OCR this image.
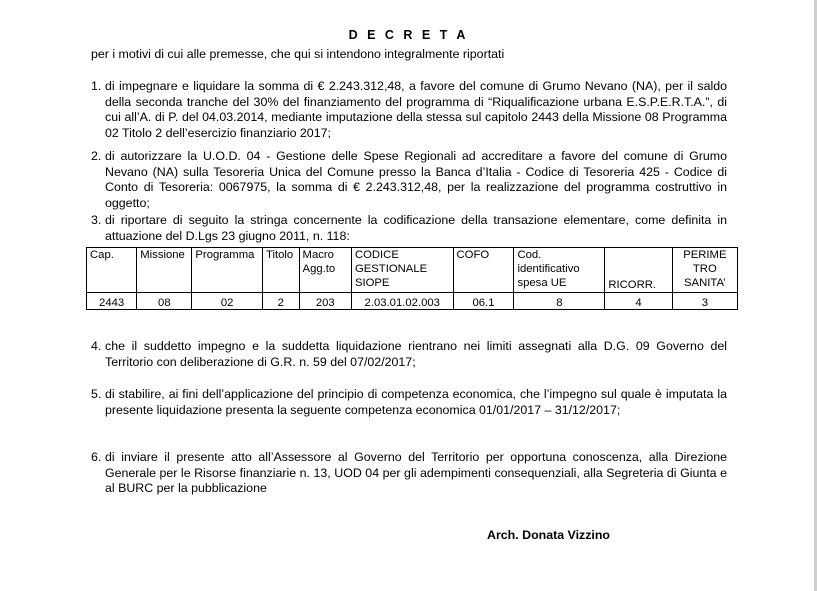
D E C R E T A
per i motivi di cui alle premesse, che qui si intendono integralmente riportati
1. di impegnare e liquidare la somma di € 2.243.312,48, a favore del comune di Grumo Nevano (NA), per il saldo della seconda tranche del 30% del finanziamento del programma di “Riqualificazione urbana E.S.P.E.R.T.A.”, di cui all’A. di P. del 04.03.2014, mediante imputazione della stessa sul capitolo 2443 della Missione 08 Programma 02 Titolo 2 dell’esercizio finanziario 2017;
2. di autorizzare la U.O.D. 04 - Gestione delle Spese Regionali ad accreditare a favore del comune di Grumo Nevano (NA) sulla Tesoreria Unica del Comune presso la Banca d’Italia - Codice di Tesoreria 425 - Codice di Conto di Tesoreria: 0067975, la somma di € 2.243.312,48, per la realizzazione del programma costruttivo in oggetto;
3. di riportare di seguito la stringa concernente la codificazione della transazione elementare, come definita in attuazione del D.Lgs 23 giugno 2011, n. 118:
Cap.	Missione	Programma	Titolo	Macro Agg.to	CODICE GESTIONALE SIOPE	COFO	Cod. identificativo spesa UE	RICORR.	PERIME TRO SANITA’
2443	08	02	2	203	2.03.01.02.003	06.1	8	4	3
4. che il suddetto impegno e la suddetta liquidazione rientrano nei limiti assegnati alla D.G. 09 Governo del Territorio con deliberazione di G.R. n. 59 del 07/02/2017;
5. di stabilire, ai fini dell’applicazione del principio di competenza economica, che l’impegno sul quale è imputata la presente liquidazione presenta la seguente competenza economica 01/01/2017 – 31/12/2017;
6. di inviare il presente atto all’Assessore al Governo del Territorio per opportuna conoscenza, alla Direzione Generale per le Risorse finanziarie n. 13, UOD 04 per gli adempimenti consequenziali, alla Segreteria di Giunta e al BURC per la pubblicazione
Arch. Donata Vizzino
